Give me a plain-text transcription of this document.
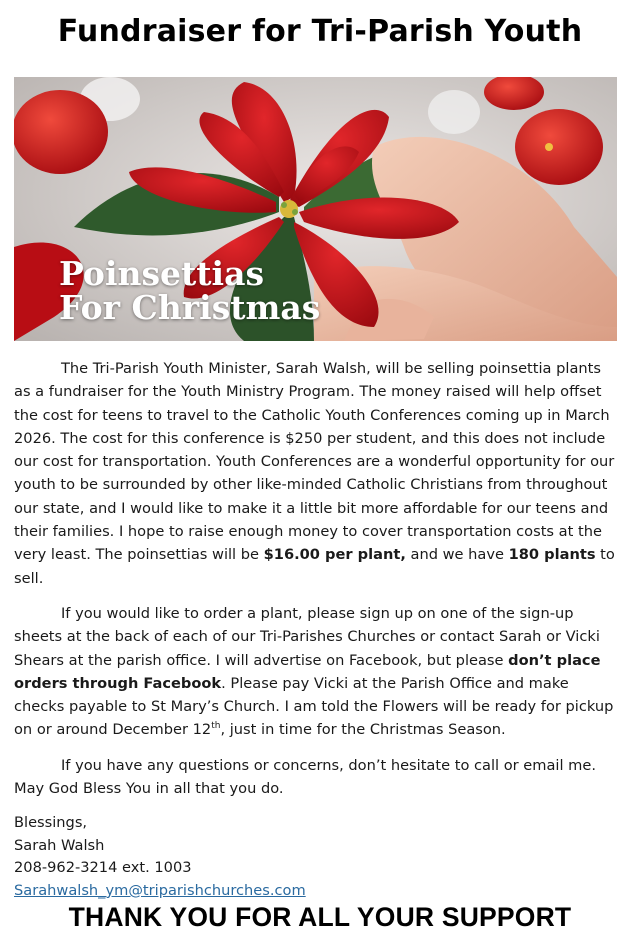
Fundraiser for Tri-Parish Youth
Poinsettias
For Christmas

The Tri-Parish Youth Minister, Sarah Walsh, will be selling poinsettia plants as a fundraiser for the Youth Ministry Program. The money raised will help offset the cost for teens to travel to the Catholic Youth Conferences coming up in March 2026. The cost for this conference is $250 per student, and this does not include our cost for transportation. Youth Conferences are a wonderful opportunity for our youth to be surrounded by other like-minded Catholic Christians from throughout our state, and I would like to make it a little bit more affordable for our teens and their families. I hope to raise enough money to cover transportation costs at the very least. The poinsettias will be $16.00 per plant, and we have 180 plants to sell.

If you would like to order a plant, please sign up on one of the sign-up sheets at the back of each of our Tri-Parishes Churches or contact Sarah or Vicki Shears at the parish office. I will advertise on Facebook, but please don’t place orders through Facebook. Please pay Vicki at the Parish Office and make checks payable to St Mary’s Church. I am told the Flowers will be ready for pickup on or around December 12th, just in time for the Christmas Season.

If you have any questions or concerns, don’t hesitate to call or email me. May God Bless You in all that you do.

Blessings,
Sarah Walsh
208-962-3214 ext. 1003
Sarahwalsh_ym@triparishchurches.com
THANK YOU FOR ALL YOUR SUPPORT
